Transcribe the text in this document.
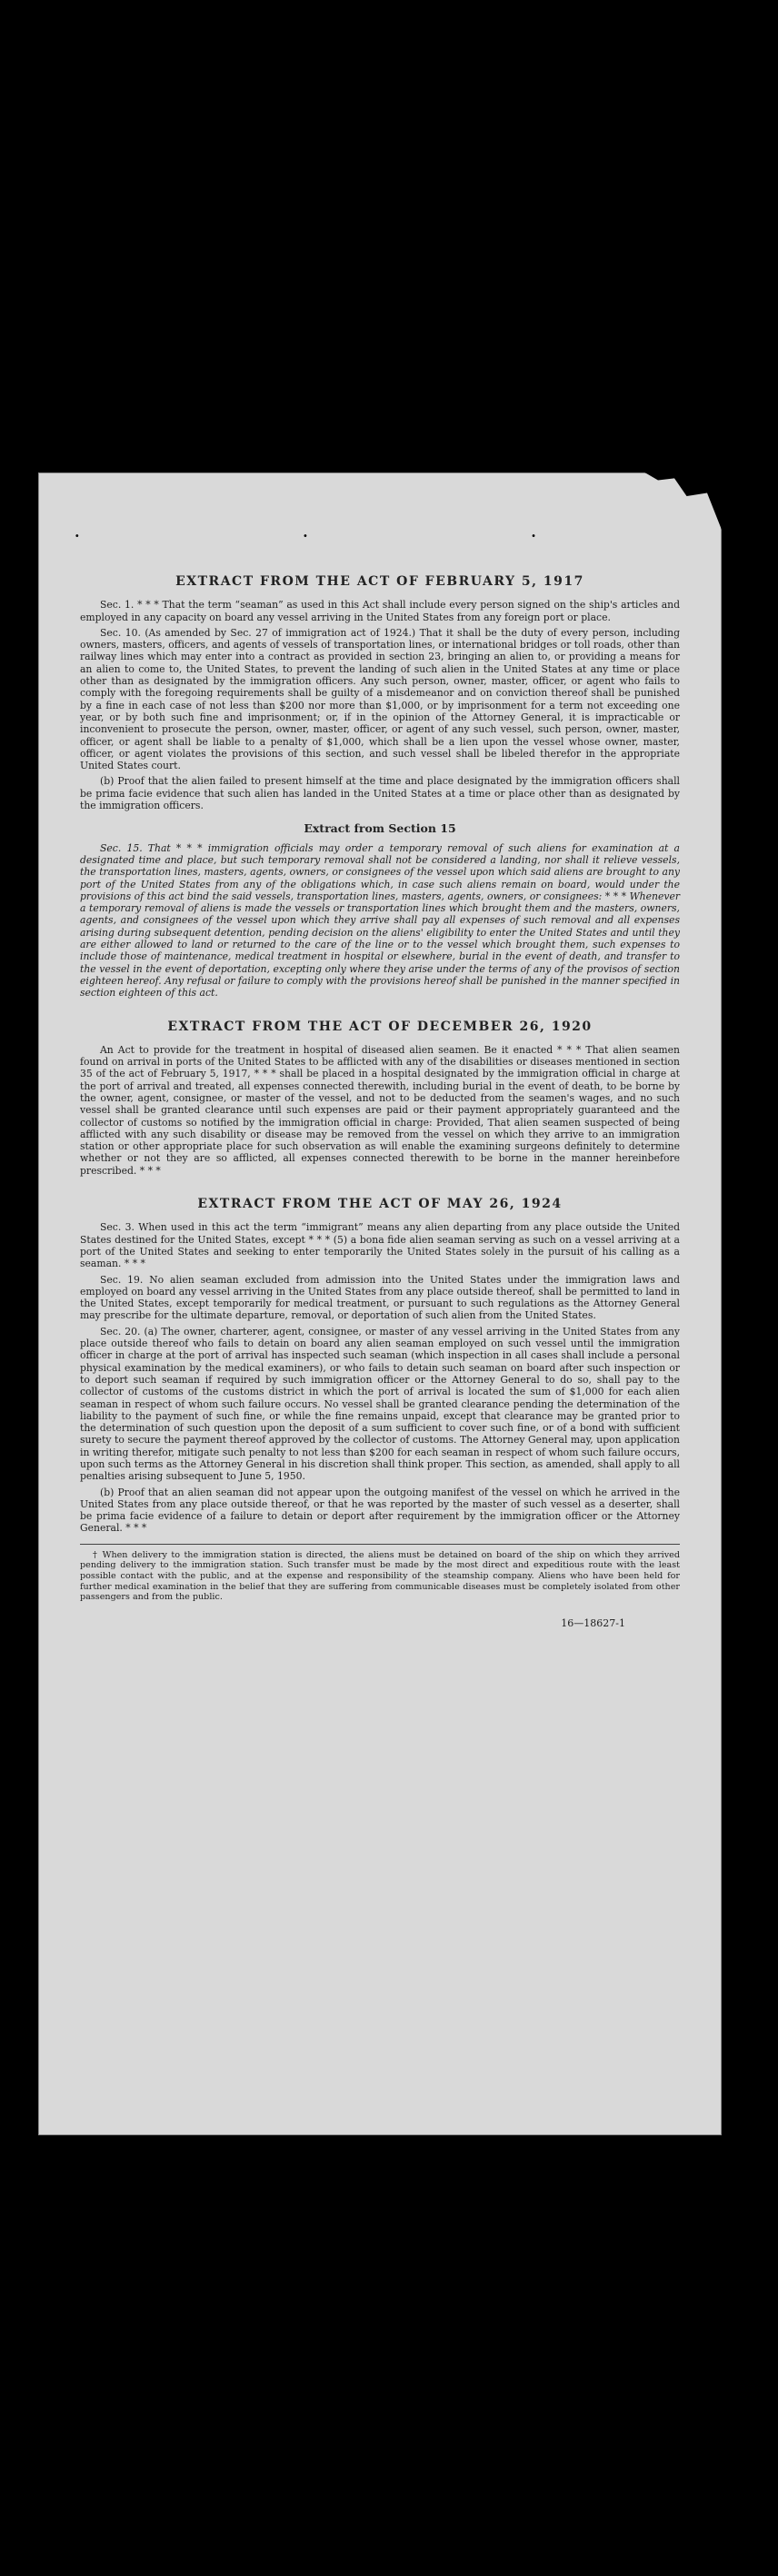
· · ·
EXTRACT FROM THE ACT OF FEBRUARY 5, 1917

Sec. 1. * * * That the term “seaman” as used in this Act shall include every person signed on the ship's articles and employed in any capacity on board any vessel arriving in the United States from any foreign port or place.

Sec. 10. (As amended by Sec. 27 of immigration act of 1924.) That it shall be the duty of every person, including owners, masters, officers, and agents of vessels of transportation lines, or international bridges or toll roads, other than railway lines which may enter into a contract as provided in section 23, bringing an alien to, or providing a means for an alien to come to, the United States, to prevent the landing of such alien in the United States at any time or place other than as designated by the immigration officers. Any such person, owner, master, officer, or agent who fails to comply with the foregoing requirements shall be guilty of a misdemeanor and on conviction thereof shall be punished by a fine in each case of not less than $200 nor more than $1,000, or by imprisonment for a term not exceeding one year, or by both such fine and imprisonment; or, if in the opinion of the Attorney General, it is impracticable or inconvenient to prosecute the person, owner, master, officer, or agent of any such vessel, such person, owner, master, officer, or agent shall be liable to a penalty of $1,000, which shall be a lien upon the vessel whose owner, master, officer, or agent violates the provisions of this section, and such vessel shall be libeled therefor in the appropriate United States court.

(b) Proof that the alien failed to present himself at the time and place designated by the immigration officers shall be prima facie evidence that such alien has landed in the United States at a time or place other than as designated by the immigration officers.

Extract from Section 15

Sec. 15. That * * * immigration officials may order a temporary removal of such aliens for examination at a designated time and place, but such temporary removal shall not be considered a landing, nor shall it relieve vessels, the transportation lines, masters, agents, owners, or consignees of the vessel upon which said aliens are brought to any port of the United States from any of the obligations which, in case such aliens remain on board, would under the provisions of this act bind the said vessels, transportation lines, masters, agents, owners, or consignees: * * * Whenever a temporary removal of aliens is made the vessels or transportation lines which brought them and the masters, owners, agents, and consignees of the vessel upon which they arrive shall pay all expenses of such removal and all expenses arising during subsequent detention, pending decision on the aliens' eligibility to enter the United States and until they are either allowed to land or returned to the care of the line or to the vessel which brought them, such expenses to include those of maintenance, medical treatment in hospital or elsewhere, burial in the event of death, and transfer to the vessel in the event of deportation, excepting only where they arise under the terms of any of the provisos of section eighteen hereof. Any refusal or failure to comply with the provisions hereof shall be punished in the manner specified in section eighteen of this act.

EXTRACT FROM THE ACT OF DECEMBER 26, 1920

An Act to provide for the treatment in hospital of diseased alien seamen. Be it enacted * * * That alien seamen found on arrival in ports of the United States to be afflicted with any of the disabilities or diseases mentioned in section 35 of the act of February 5, 1917, * * * shall be placed in a hospital designated by the immigration official in charge at the port of arrival and treated, all expenses connected therewith, including burial in the event of death, to be borne by the owner, agent, consignee, or master of the vessel, and not to be deducted from the seamen's wages, and no such vessel shall be granted clearance until such expenses are paid or their payment appropriately guaranteed and the collector of customs so notified by the immigration official in charge: Provided, That alien seamen suspected of being afflicted with any such disability or disease may be removed from the vessel on which they arrive to an immigration station or other appropriate place for such observation as will enable the examining surgeons definitely to determine whether or not they are so afflicted, all expenses connected therewith to be borne in the manner hereinbefore prescribed. * * *

EXTRACT FROM THE ACT OF MAY 26, 1924

Sec. 3. When used in this act the term “immigrant” means any alien departing from any place outside the United States destined for the United States, except * * * (5) a bona fide alien seaman serving as such on a vessel arriving at a port of the United States and seeking to enter temporarily the United States solely in the pursuit of his calling as a seaman. * * *

Sec. 19. No alien seaman excluded from admission into the United States under the immigration laws and employed on board any vessel arriving in the United States from any place outside thereof, shall be permitted to land in the United States, except temporarily for medical treatment, or pursuant to such regulations as the Attorney General may prescribe for the ultimate departure, removal, or deportation of such alien from the United States.

Sec. 20. (a) The owner, charterer, agent, consignee, or master of any vessel arriving in the United States from any place outside thereof who fails to detain on board any alien seaman employed on such vessel until the immigration officer in charge at the port of arrival has inspected such seaman (which inspection in all cases shall include a personal physical examination by the medical examiners), or who fails to detain such seaman on board after such inspection or to deport such seaman if required by such immigration officer or the Attorney General to do so, shall pay to the collector of customs of the customs district in which the port of arrival is located the sum of $1,000 for each alien seaman in respect of whom such failure occurs. No vessel shall be granted clearance pending the determination of the liability to the payment of such fine, or while the fine remains unpaid, except that clearance may be granted prior to the determination of such question upon the deposit of a sum sufficient to cover such fine, or of a bond with sufficient surety to secure the payment thereof approved by the collector of customs. The Attorney General may, upon application in writing therefor, mitigate such penalty to not less than $200 for each seaman in respect of whom such failure occurs, upon such terms as the Attorney General in his discretion shall think proper. This section, as amended, shall apply to all penalties arising subsequent to June 5, 1950.

(b) Proof that an alien seaman did not appear upon the outgoing manifest of the vessel on which he arrived in the United States from any place outside thereof, or that he was reported by the master of such vessel as a deserter, shall be prima facie evidence of a failure to detain or deport after requirement by the immigration officer or the Attorney General. * * *

† When delivery to the immigration station is directed, the aliens must be detained on board of the ship on which they arrived pending delivery to the immigration station. Such transfer must be made by the most direct and expeditious route with the least possible contact with the public, and at the expense and responsibility of the steamship company. Aliens who have been held for further medical examination in the belief that they are suffering from communicable diseases must be completely isolated from other passengers and from the public.

16—18627-1
